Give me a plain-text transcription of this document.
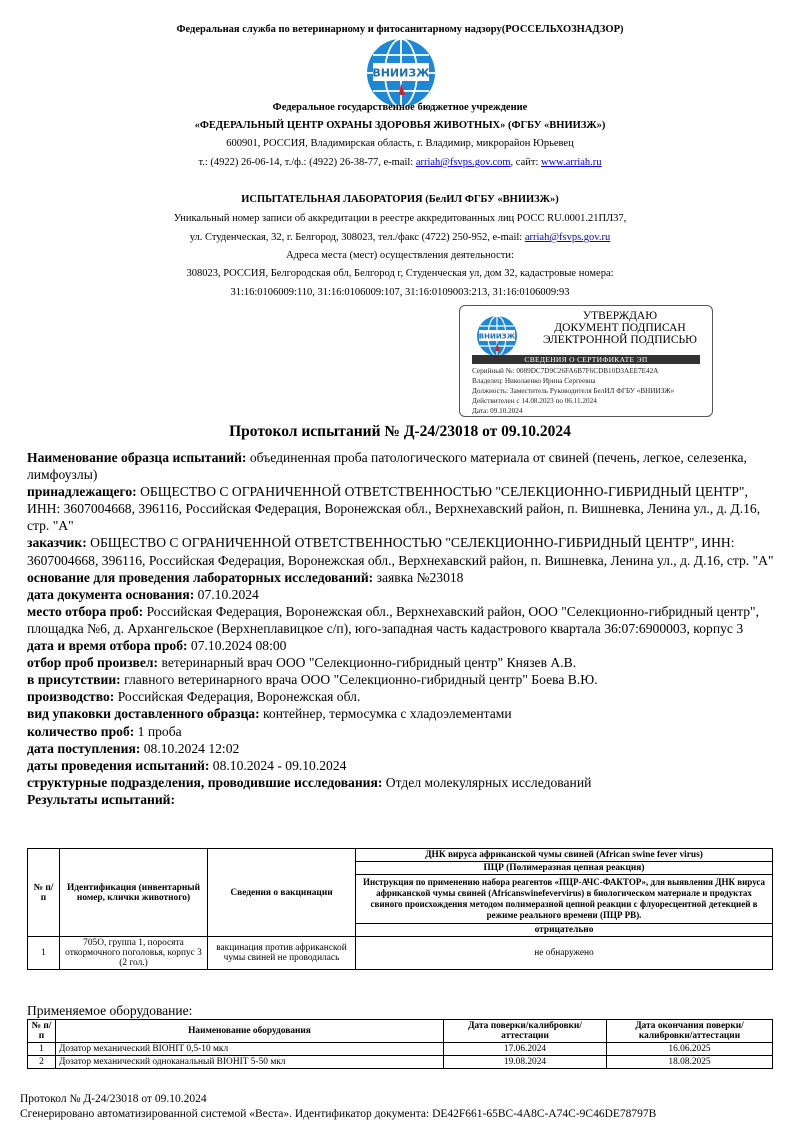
Федеральная служба по ветеринарному и фитосанитарному надзору(РОССЕЛЬХОЗНАДЗОР)
ВНИИЗЖ
Федеральное государственное бюджетное учреждение
«ФЕДЕРАЛЬНЫЙ ЦЕНТР ОХРАНЫ ЗДОРОВЬЯ ЖИВОТНЫХ» (ФГБУ «ВНИИЗЖ»)
600901, РОССИЯ, Владимирская область, г. Владимир, микрорайон Юрьевец
т.: (4922) 26-06-14, т./ф.: (4922) 26-38-77, e-mail: arriah@fsvps.gov.com, сайт: www.arriah.ru
ИСПЫТАТЕЛЬНАЯ ЛАБОРАТОРИЯ (БелИЛ ФГБУ «ВНИИЗЖ»)
Уникальный номер записи об аккредитации в реестре аккредитованных лиц РОСС RU.0001.21ПЛ37,
ул. Студенческая, 32, г. Белгород, 308023, тел./факс (4722) 250-952, e-mail: arriah@fsvps.gov.ru
Адреса места (мест) осуществления деятельности:
308023, РОССИЯ, Белгородская обл, Белгород г, Студенческая ул, дом 32, кадастровые номера:
31:16:0106009:110, 31:16:0106009:107, 31:16:0109003:213, 31:16:0106009:93
ВНИИЗЖ
УТВЕРЖДАЮ
ДОКУМЕНТ ПОДПИСАН
ЭЛЕКТРОННОЙ ПОДПИСЬЮ
СВЕДЕНИЯ О СЕРТИФИКАТЕ ЭП
Серийный №: 0089DC7D9C26FA6B7F6CDB10D3AEE7E42A
Владелец: Николаенко Ирина Сергеевна
Должность: Заместитель Руководителя БелИЛ ФГБУ «ВНИИЗЖ»
Действителен с 14.08.2023 по 06.11.2024
Дата: 09.10.2024
Протокол испытаний № Д-24/23018 от 09.10.2024

Наименование образца испытаний: объединенная проба патологического материала от свиней (печень, легкое, селезенка, лимфоузлы)

принадлежащего: ОБЩЕСТВО С ОГРАНИЧЕННОЙ ОТВЕТСТВЕННОСТЬЮ "СЕЛЕКЦИОННО-ГИБРИДНЫЙ ЦЕНТР", ИНН: 3607004668, 396116, Российская Федерация, Воронежская обл., Верхнехавский район, п. Вишневка, Ленина ул., д. Д.16, стр. "А"

заказчик: ОБЩЕСТВО С ОГРАНИЧЕННОЙ ОТВЕТСТВЕННОСТЬЮ "СЕЛЕКЦИОННО-ГИБРИДНЫЙ ЦЕНТР", ИНН: 3607004668, 396116, Российская Федерация, Воронежская обл., Верхнехавский район, п. Вишневка, Ленина ул., д. Д.16, стр. "А"

основание для проведения лабораторных исследований: заявка №23018

дата документа основания: 07.10.2024

место отбора проб: Российская Федерация, Воронежская обл., Верхнехавский район, ООО "Селекционно-гибридный центр", площадка №6, д. Архангельское (Верхнеплавицкое с/п), юго-западная часть кадастрового квартала 36:07:6900003, корпус 3

дата и время отбора проб: 07.10.2024 08:00

отбор проб произвел: ветеринарный врач ООО "Селекционно-гибридный центр" Князев А.В.

в присутствии: главного ветеринарного врача ООО "Селекционно-гибридный центр" Боева В.Ю.

производство: Российская Федерация, Воронежская обл.

вид упаковки доставленного образца: контейнер, термосумка с хладоэлементами

количество проб: 1 проба

дата поступления: 08.10.2024 12:02

даты проведения испытаний: 08.10.2024 - 09.10.2024

структурные подразделения, проводившие исследования: Отдел молекулярных исследований

Результаты испытаний:

№ п/п	Идентификация (инвентарный номер, клички животного)	Сведения о вакцинации	ДНК вируса африканской чумы свиней (African swine fever virus)
			ПЦР (Полимеразная цепная реакция)
			Инструкция по применению набора реагентов «ПЦР-АЧС-ФАКТОР», для выявления ДНК вируса африканской чумы свиней (Africanswinefevervirus) в биологическом материале и продуктах свиного происхождения методом полимеразной цепной реакции с флуоресцентной детекцией в режиме реального времени (ПЦР РВ).
			отрицательно
1	705О, группа 1, поросята откормочного поголовья, корпус 3 (2 гол.)	вакцинация против африканской чумы свиней не проводилась	не обнаружено
Применяемое оборудование:
№ п/п	Наименование оборудования	Дата поверки/калибровки/аттестации	Дата окончания поверки/калибровки/аттестации
1	Дозатор механический ВІОНІТ 0,5-10 мкл	17.06.2024	16.06.2025
2	Дозатор механический одноканальный ВІОНІТ 5-50 мкл	19.08.2024	18.08.2025
Протокол № Д-24/23018 от 09.10.2024
Сгенерировано автоматизированной системой «Веста». Идентификатор документа: DE42F661-65BC-4A8C-A74C-9C46DE78797B
